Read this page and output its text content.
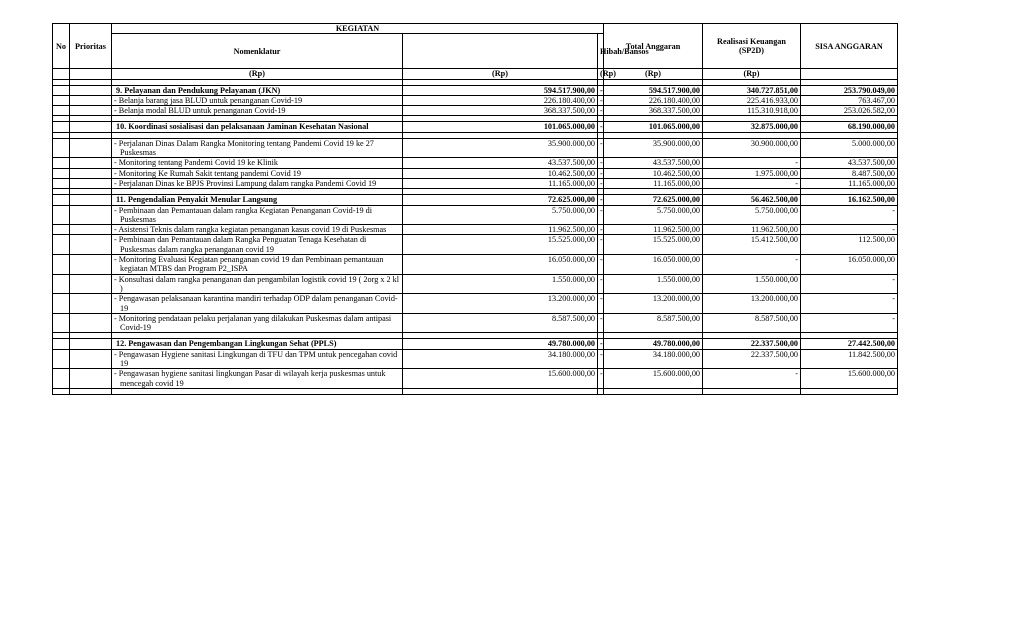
No	Prioritas	KEGIATAN			Total Anggaran	Realisasi Keuangan (SP2D)	SISA ANGGARAN
		Nomenklatur		Hibah/Bansos			
		(Rp)	(Rp)	(Rp)	(Rp)	(Rp)	

		9. Pelayanan dan Pendukung Pelayanan (JKN)	594.517.900,00	-	594.517.900,00	340.727.851,00	253.790.049,00
		- Belanja barang jasa BLUD untuk penanganan Covid-19	226.180.400,00	-	226.180.400,00	225.416.933,00	763.467,00
		- Belanja modal BLUD untuk penanganan Covid-19	368.337.500,00	-	368.337.500,00	115.310.918,00	253.026.582,00

		10. Koordinasi sosialisasi dan pelaksanaan Jaminan Kesehatan Nasional	101.065.000,00	-	101.065.000,00	32.875.000,00	68.190.000,00

		- Perjalanan Dinas Dalam Rangka Monitoring tentang Pandemi Covid 19 ke 27 Puskesmas	35.900.000,00	-	35.900.000,00	30.900.000,00	5.000.000,00
		- Monitoring tentang Pandemi Covid 19 ke Klinik	43.537.500,00	-	43.537.500,00	-	43.537.500,00
		- Monitoring Ke Rumah Sakit tentang pandemi Covid 19	10.462.500,00	-	10.462.500,00	1.975.000,00	8.487.500,00
		- Perjalanan Dinas ke BPJS Provinsi Lampung dalam rangka Pandemi Covid 19	11.165.000,00	-	11.165.000,00	-	11.165.000,00

		11. Pengendalian Penyakit Menular Langsung	72.625.000,00	-	72.625.000,00	56.462.500,00	16.162.500,00
		- Pembinaan dan Pemantauan dalam rangka Kegiatan Penanganan Covid-19 di Puskesmas	5.750.000,00	-	5.750.000,00	5.750.000,00	-
		- Asistensi Teknis dalam rangka kegiatan penanganan kasus covid 19 di Puskesmas	11.962.500,00	-	11.962.500,00	11.962.500,00	-
		- Pembinaan dan Pemantauan dalam Rangka Penguatan Tenaga Kesehatan di Puskesmas dalam rangka penanganan covid 19	15.525.000,00	-	15.525.000,00	15.412.500,00	112.500,00
		- Monitoring Evaluasi Kegiatan penanganan covid 19 dan Pembinaan pemantauan kegiatan MTBS dan Program P2_ISPA	16.050.000,00	-	16.050.000,00	-	16.050.000,00
		- Konsultasi dalam rangka penanganan dan pengambilan logistik covid 19 ( 2org x 2 kl )	1.550.000,00	-	1.550.000,00	1.550.000,00	-
		- Pengawasan pelaksanaan karantina mandiri terhadap ODP dalam penanganan Covid-19	13.200.000,00	-	13.200.000,00	13.200.000,00	-
		- Monitoring pendataan pelaku perjalanan yang dilakukan Puskesmas dalam antipasi Covid-19	8.587.500,00	-	8.587.500,00	8.587.500,00	-

		12. Pengawasan dan Pengembangan Lingkungan Sehat (PPLS)	49.780.000,00	-	49.780.000,00	22.337.500,00	27.442.500,00
		- Pengawasan Hygiene sanitasi Lingkungan di TFU dan TPM untuk pencegahan covid 19	34.180.000,00	-	34.180.000,00	22.337.500,00	11.842.500,00
		- Pengawasan hygiene sanitasi lingkungan Pasar di wilayah kerja puskesmas untuk mencegah covid 19	15.600.000,00	-	15.600.000,00	-	15.600.000,00
